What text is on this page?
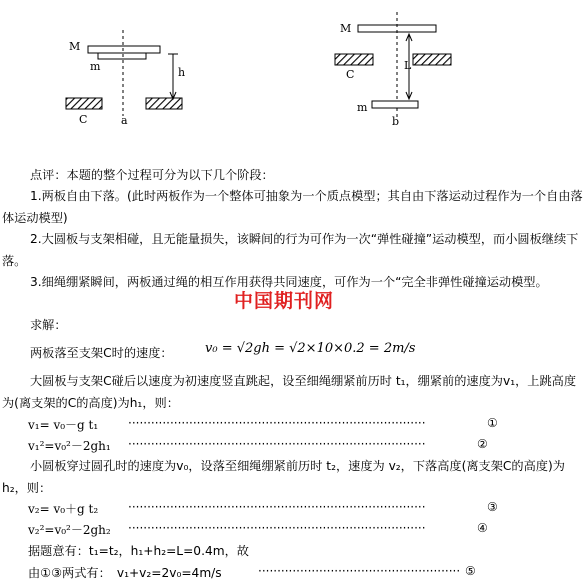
M
m	h
C	a
M
C
L
m
b
点评：本题的整个过程可分为以下几个阶段：
1.两板自由下落。(此时两板作为一个整体可抽象为一个质点模型；其自由下落运动过程作为一个自由落体运动模型)
2.大圆板与支架相碰，且无能量损失，该瞬间的行为可作为一次“弹性碰撞”运动模型，而小圆板继续下落。
3.细绳绷紧瞬间，两板通过绳的相互作用获得共同速度，可作为一个“完全非弹性碰撞运动模型。
中国期刊网
求解：
两板落至支架C时的速度： v₀ = √2gh = √2×10×0.2 = 2m/s
大圆板与支架C碰后以速度为初速度竖直跳起，设至细绳绷紧前历时 t₁，绷紧前的速度为v₁，上跳高度为(离支架的C的高度)为h₁，则：
v₁= v₀－g t₁ ··············································································	①
v₁²=v₀²－2gh₁ ··············································································	②
小圆板穿过圆孔时的速度为v₀，设落至细绳绷紧前历时 t₂，速度为 v₂，下落高度(离支架C的高度)为h₂，则：
v₂= v₀＋g t₂ ··············································································	③
v₂²=v₀²－2gh₂ ··············································································	④
据题意有：t₁=t₂，h₁+h₂=L=0.4m，故
由①③两式有：　v₁+v₂=2v₀=4m/s	····················································· ⑤
